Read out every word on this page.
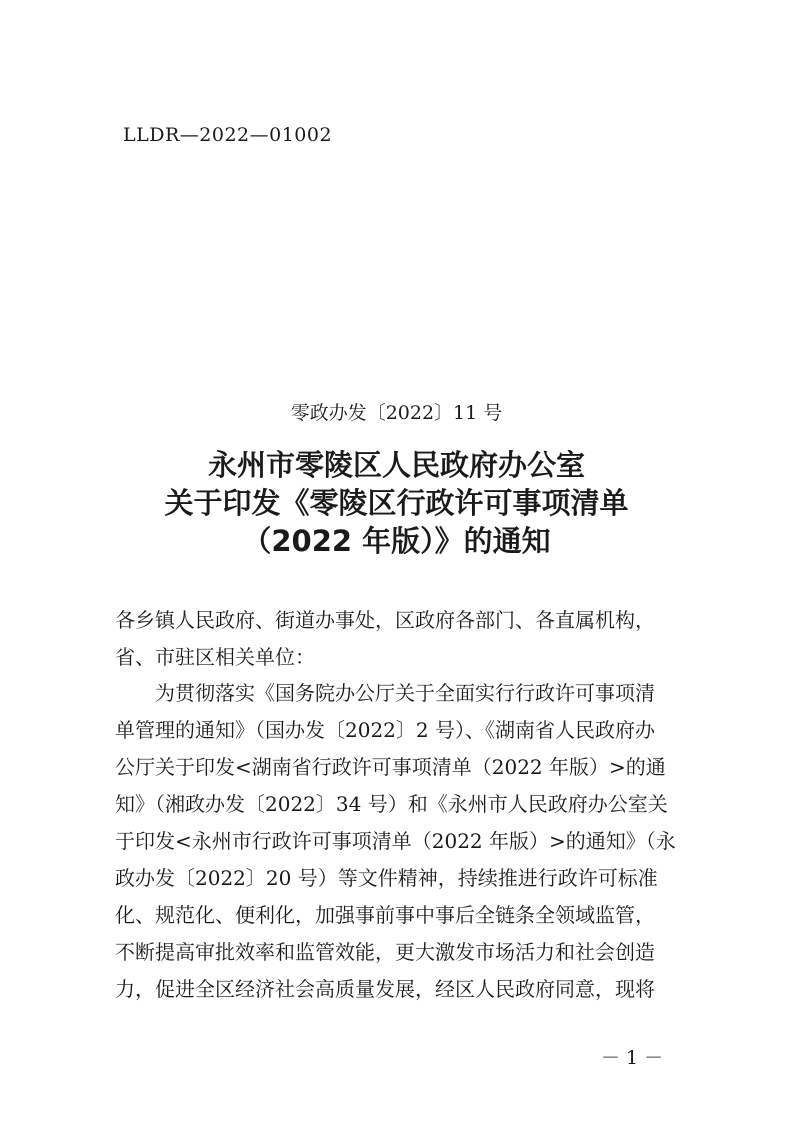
LLDR—2022—01002
零政办发〔2022〕11 号
永州市零陵区人民政府办公室
关于印发《零陵区行政许可事项清单
（2022 年版）》的通知
各乡镇人民政府、街道办事处，区政府各部门、各直属机构，
省、市驻区相关单位：
为贯彻落实《国务院办公厅关于全面实行行政许可事项清
单管理的通知》（国办发〔2022〕2 号）、《湖南省人民政府办
公厅关于印发<湖南省行政许可事项清单（2022 年版）>的通
知》（湘政办发〔2022〕34 号）和《永州市人民政府办公室关
于印发<永州市行政许可事项清单（2022 年版）>的通知》（永
政办发〔2022〕20 号）等文件精神，持续推进行政许可标准
化、规范化、便利化，加强事前事中事后全链条全领域监管，
不断提高审批效率和监管效能，更大激发市场活力和社会创造
力，促进全区经济社会高质量发展，经区人民政府同意，现将
－ 1 －
